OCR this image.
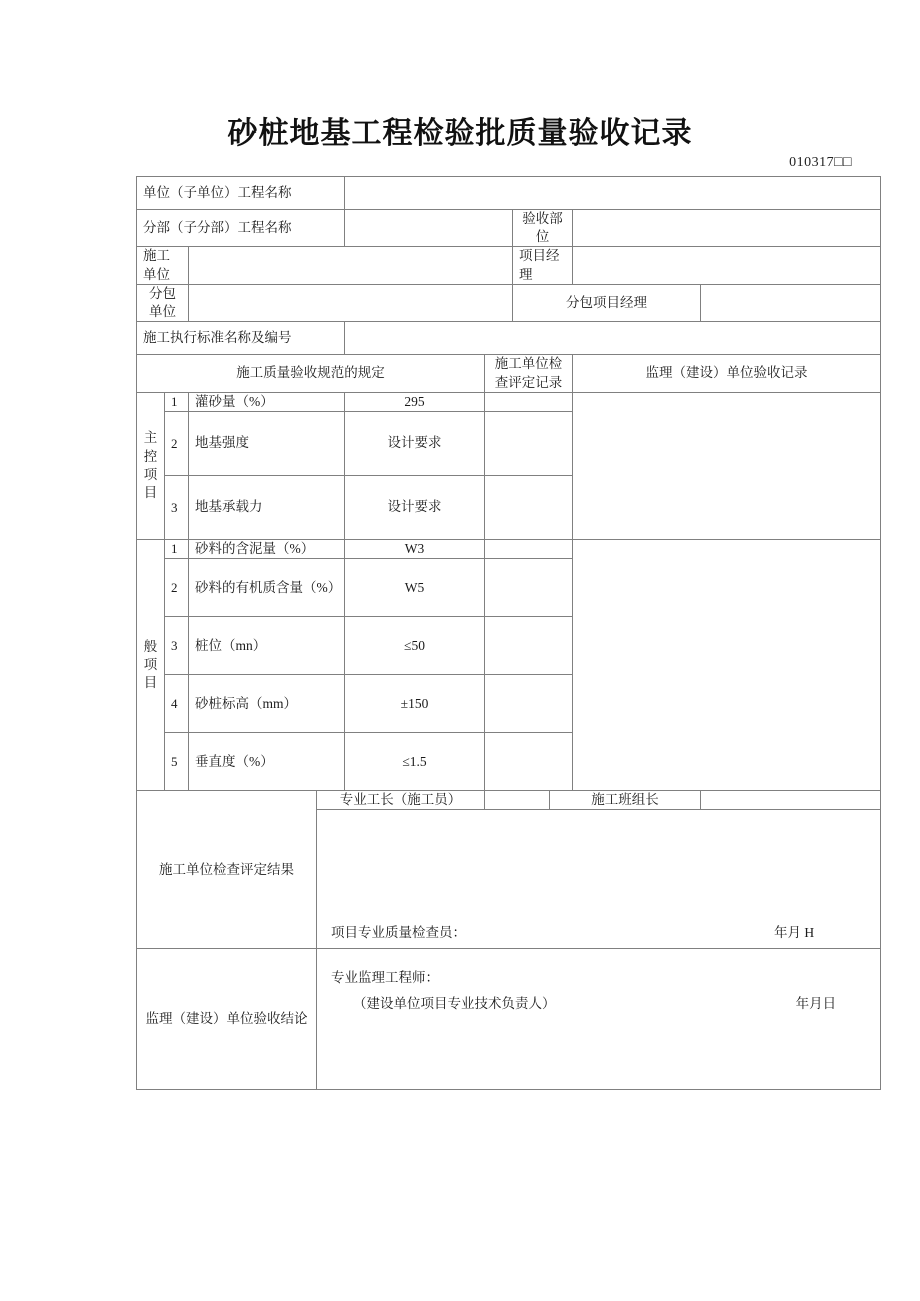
砂桩地基工程检验批质量验收记录
010317□□
单位（子单位）工程名称									
分部（子分部）工程名称						验收部位			
施工单位						项目经理			
分包单位						分包项目经理			
施工执行标准名称及编号									
施工质量验收规范的规定					施工单位检查评定记录			监理（建设）单位验收记录	

主
控
项
目	1	灌砂量（%）		295					
	2	地基强度		设计要求					
	3	地基承载力		设计要求					

般
项
目	1	砂料的含泥量（%）		W3					
	2	砂料的有机质含量（%）		W5					
	3	桩位（mn）		≤50					
	4	砂桩标高（mm）		±150					
	5	垂直度（%）		≤1.5					
施工单位检查评定结果			专业工长（施工员）				施工班组长		

			项目专业质量检查员： 年月 H						

监理（建设）单位验收结论			专业监理工程师：
（建设单位项目专业技术负责人） 年月日						
